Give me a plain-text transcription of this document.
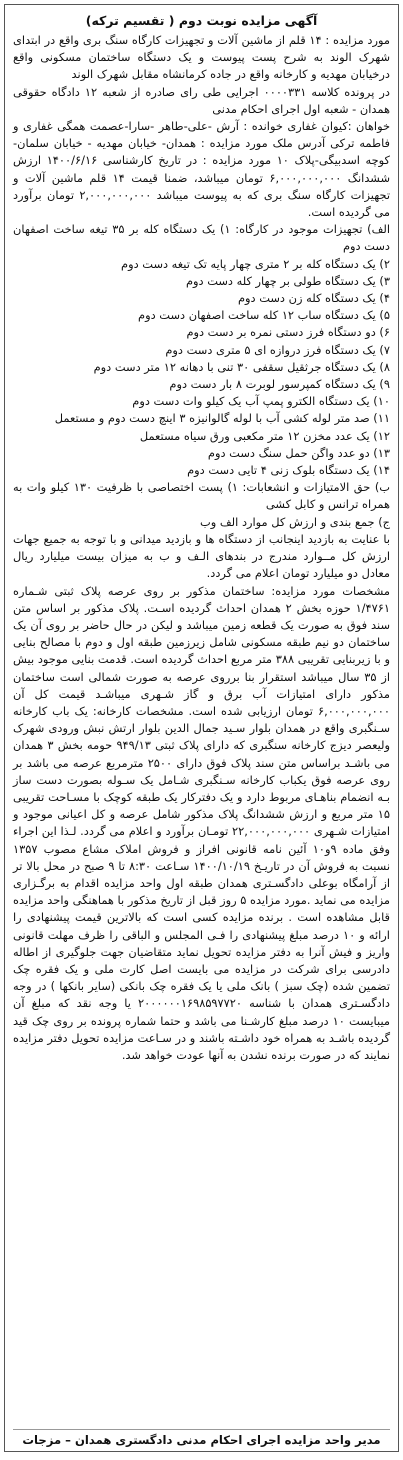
آگهی مزایده نوبت دوم ( تقسیم ترکه)

مورد مزایده : ۱۴ قلم از ماشین آلات و تجهیزات کارگاه سنگ بری واقع در ابتدای شهرک الوند به شرح پست پیوست و یک دستگاه ساختمان مسکونی واقع درخیابان مهدیه و کارخانه واقع در جاده کرمانشاه مقابل شهرک الوند

در پرونده کلاسه ۰۰۰۰۳۳۱ اجرایی طی رای صادره از شعبه ۱۲ دادگاه حقوقی همدان - شعبه اول اجرای احکام مدنی

خواهان :کیوان غفاری خوانده : آرش -علی-طاهر -سارا-عصمت همگی غفاری و فاطمه ترکی آدرس ملک مورد مزایده : همدان- خیابان مهدیه - خیابان سلمان-کوچه اسدبیگی-پلاک ۱۰ مورد مزایده : در تاریخ کارشناسی ۱۴۰۰/۶/۱۶ ارزش ششدانگ ۶,۰۰۰,۰۰۰,۰۰۰ تومان میباشد، ضمنا قیمت ۱۴ قلم ماشین آلات و تجهیزات کارگاه سنگ بری که به پیوست میباشد ۲,۰۰۰,۰۰۰,۰۰۰ تومان برآورد می گردیده است.

الف) تجهیزات موجود در کارگاه: ۱) یک دستگاه کله بر ۳۵ تیغه ساخت اصفهان دست دوم

۲) یک دستگاه کله بر ۲ متری چهار پایه تک تیغه دست دوم
۳) یک دستگاه طولی بر چهار کله دست دوم
۴) یک دستگاه کله زن دست دوم
۵) یک دستگاه ساب ۱۲ کله ساخت اصفهان دست دوم
۶) دو دستگاه فرز دستی نمره بر دست دوم
۷) یک دستگاه فرز دروازه ای ۵ متری دست دوم
۸) یک دستگاه جرثقیل سقفی ۳۰ تنی با دهانه ۱۲ متر دست دوم
۹) یک دستگاه کمپرسور لوبرت ۸ بار دست دوم
۱۰) یک دستگاه الکترو پمپ آب یک کیلو وات دست دوم
۱۱) صد متر لوله کشی آب با لوله گالوانیزه ۳ اینچ دست دوم و مستعمل
۱۲) یک عدد مخزن ۱۲ متر مکعبی ورق سیاه مستعمل
۱۳) دو عدد واگن حمل سنگ دست دوم
۱۴) یک دستگاه بلوک زنی ۴ تایی دست دوم

ب) حق الامتیازات و انشعابات: ۱) پست اختصاصی با ظرفیت ۱۳۰ کیلو وات به همراه ترانس و کابل کشی

ج) جمع بندی و ارزش کل موارد الف وب

با عنایت به بازدید اینجانب از دستگاه ها و بازدید میدانی و با توجه به جمیع جهات ارزش کل مــوارد مندرج در بندهای الـف و ب به میزان بیست میلیارد ریال معادل دو میلیارد تومان اعلام می گردد.

مشخصات مورد مزایده: ساختمان مذکور بر روی عرصه پلاک ثبتی شـماره ۱/۴۷۶۱ حوزه بخش ۲ همدان احداث گردیده اسـت. پلاک مذکور بر اساس متن سند فوق به صورت یک قطعه زمین میباشد و لیکن در حال حاضر بر روی آن یک ساختمان دو نیم طبقه مسکونی شامل زیرزمین طبقه اول و دوم با مصالح بنایی و با زیربنایی تقریبی ۳۸۸ متر مربع احداث گردیده است. قدمت بنایی موجود بیش از ۳۵ سال میباشد استقرار بنا برروی عرصه به صورت شمالی است ساختمان مذکور دارای امتیازات آب برق و گاز شـهری میباشـد قیمت کل آن ۶,۰۰۰,۰۰۰,۰۰۰ تومان ارزیابی شده است. مشخصات کارخانه: یک باب کارخانه سـنگبری واقع در همدان بلوار سـید جمال الدین بلوار ارتش نبش ورودی شهرک ولیعصر دیزج کارخانه سنگبری که دارای پلاک ثبتی ۹۴۹/۱۳ حومه بخش ۳ همدان می باشـد براساس متن سند پلاک فوق دارای ۲۵۰۰ مترمربع عرصه می باشد بر روی عرصه فوق یکباب کارخانه سـنگبری شـامل یک سـوله بصورت دست ساز بـه انضمام بناهـای مربوط دارد و یک دفترکار یک طبقه کوچک با مسـاحت تقریبی ۱۵ متر مربع و ارزش ششدانگ پلاک مذکور شامل عرصه و کل اعیانی موجود و امتیازات شـهری ۲۲,۰۰۰,۰۰۰,۰۰۰ تومـان برآورد و اعلام می گردد. لـذا این اجراء وفق ماده ۹و۱۰ آئین نامه قانونی افراز و فروش املاک مشاع مصوب ۱۳۵۷ نسبت به فروش آن در تاریـخ ۱۴۰۰/۱۰/۱۹ سـاعت ۸:۳۰ تا ۹ صبح در محل بالا تر از آرامگاه بوعلی دادگسـتری همدان طبقه اول واحد مزایده اقدام به برگـزاری مزایده می نماید .مورد مزایده ۵ روز قبل از تاریخ مذکور با هماهنگی واحد مزایده قابل مشاهده است . برنده مزایده کسی است که بالاترین قیمت پیشنهادی را ارائه و ۱۰ درصد مبلغ پیشنهادی را فـی المجلس و الباقی را ظرف مهلت قانونی واریز و فیش آنرا به دفتر مزایده تحویل نماید متقاضیان جهت جلوگیری از اطاله دادرسی برای شرکت در مزایده می بایست اصل کارت ملی و یک فقره چک تضمین شده (چک سبز ) بانک ملی یا یک فقره چک بانکی (سایر بانکها ) در وجه دادگسـتری همدان با شناسه ۲۰۰۰۰۰۰۱۶۹۸۵۹۷۷۲۰ یا وجه نقد که مبلغ آن میبایست ۱۰ درصد مبلغ کارشـنا می باشد و حتما شماره پرونده بر روی چک قید گردیده باشـد به همراه خود داشـته باشند و در سـاعت مزایده تحویل دفتر مزایده نمایند که در صورت برنده نشدن به آنها عودت خواهد شد.

مدیر واحد مزایده اجرای احکام مدنی دادگستری همدان – مزجات
